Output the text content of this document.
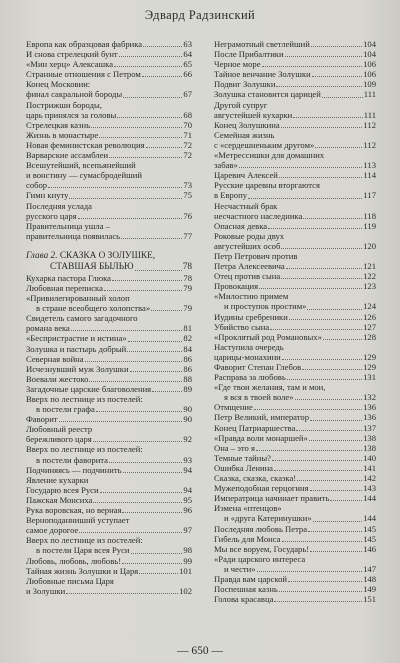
Эдвард Радзинский
Европа как образцовая фабрика	63
И снова стрелецкий бунт	64
«Мин херц» Алексашка	65
Странные отношения с Петром	66
Конец Московии:
финал сакральной бороды	67
Пострижши бороды,
царь принялся за головы	68
Стрелецкая казнь	70
Жизнь в монастыре	71
Новая феминистская революция	72
Варварские ассамблеи	72
Всешутейший, всепьянейший
и вонстину — сумасбродейший
собор	73
Гимн кнуту	75
Последняя услада
русского царя	76
Правительница ушла –
правительница появилась	77
Глава 2. СКАЗКА О ЗОЛУШКЕ,
СТАВШАЯ БЫЛЬЮ	78
Кухарка пастора Глюка	78
Любовная переписка	79
«Привилегированный холоп
в стране всеобщего холопства»	79
Свидетель самого загадочного
романа века	81
«Беспристрастие и истина»	82
Золушка и пастырь добрый	84
Северная война	86
Исчезнувший муж Золушки	86
Воевали жестоко	88
Загадочные царские благоволения	89
Вверх по лестнице из постелей:
в постели графа	90
Фаворит	90
Любовный реестр
бережливого царя	92
Вверх по лестнице из постелей:
в постели фаворита	93
Подчиняясь — подчинить	94
Явление кухарки
Государю всея Руси	94
Пажская Монсиха	95
Рука воровская, но верная	96
Верноподаннишнй уступает
самое дорогое	97
Вверх по лестнице из постелей:
в постели Царя всея Руси	98
Любовь, любовь, любовь!	99
Тайная жизнь Золушки и Царя	101
Любовные письма Царя
и Золушки	102
Негрaмотный светлейший	104
После Прибалтики	104
Черное море	106
Тайное венчание Золушки	106
Подвиг Золушки	109
Золушка становится царицей	111
Другой супруг
августейшей кухарки	111
Конец Золушкина	112
Семейная жизнь
с «сердешненьким другом»	112
«Метрессишки для домашних
забав»	113
Царевич Алексей	114
Русские царевны вторгаются
в Европу	117
Несчастный брак
несчастного наследника	118
Опасная девка	119
Роковые роды двух
августейших особ	120
Петр Петрович против
Петра Алексеевича	121
Отец против сына	122
Провокация	123
«Милостию примем
и проступок простим»	124
Иудины сребреники	126
Убийство сына	127
«Проклятый род Романовых»	128
Наступила очередь
царицы-монахини	129
Фаворит Степан Глебов	129
Расправа за любовь	131
«Где твои желания, там и мои,
я вся в твоей воле»	132
Отмщение	136
Петр Великий, император	136
Конец Патриаршества	137
«Правда воли монаршей»	138
Она – это я	138
Темные тайны?	140
Ошибка Ленина	141
Сказка, сказка, сказка!	142
Мужеподобная герцогиня	143
Императрица начинает править	144
Измена «птенцов»
и «друга Катеринушки»	144
Последняя любовь Петра	145
Гибель для Монса	145
Мы все воруем, Государь!	146
«Ради царского интереса
и чести»	147
Правда вам царской	148
Поспешная казнь	149
Голова красавца	151
— 650 —
